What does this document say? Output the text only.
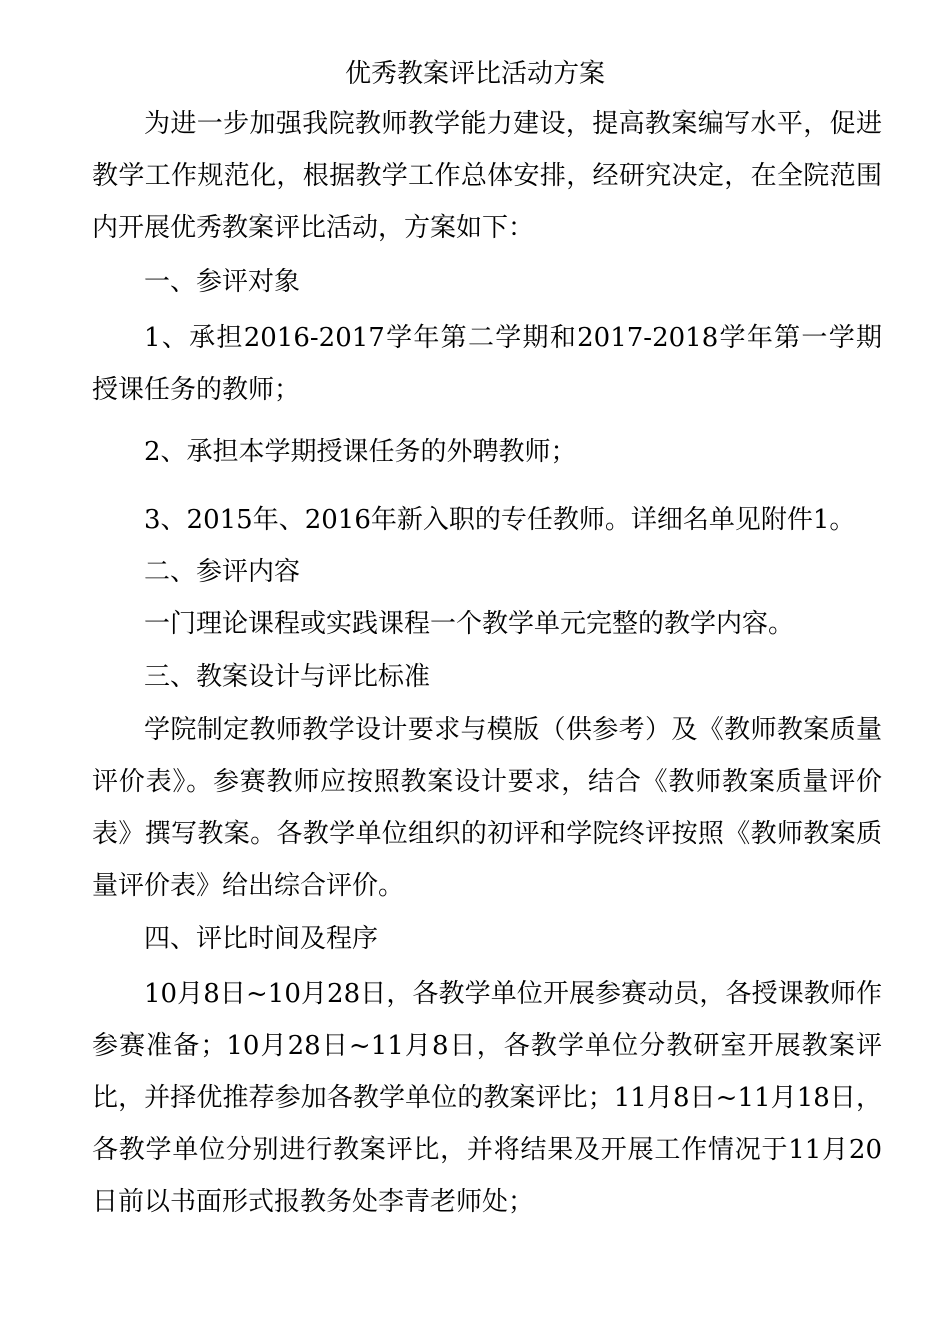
优秀教案评比活动方案

为进一步加强我院教师教学能力建设，提高教案编写水平，促进教学工作规范化，根据教学工作总体安排，经研究决定，在全院范围内开展优秀教案评比活动，方案如下：

一、参评对象

1、承担2016-2017学年第二学期和2017-2018学年第一学期授课任务的教师；

2、承担本学期授课任务的外聘教师；

3、2015年、2016年新入职的专任教师。详细名单见附件1。

二、参评内容

一门理论课程或实践课程一个教学单元完整的教学内容。

三、教案设计与评比标准

学院制定教师教学设计要求与模版（供参考）及《教师教案质量评价表》。参赛教师应按照教案设计要求，结合《教师教案质量评价表》撰写教案。各教学单位组织的初评和学院终评按照《教师教案质量评价表》给出综合评价。

四、评比时间及程序

10月8日~10月28日，各教学单位开展参赛动员，各授课教师作参赛准备；10月28日~11月8日，各教学单位分教研室开展教案评比，并择优推荐参加各教学单位的教案评比；11月8日~11月18日，各教学单位分别进行教案评比，并将结果及开展工作情况于11月20日前以书面形式报教务处李青老师处；
